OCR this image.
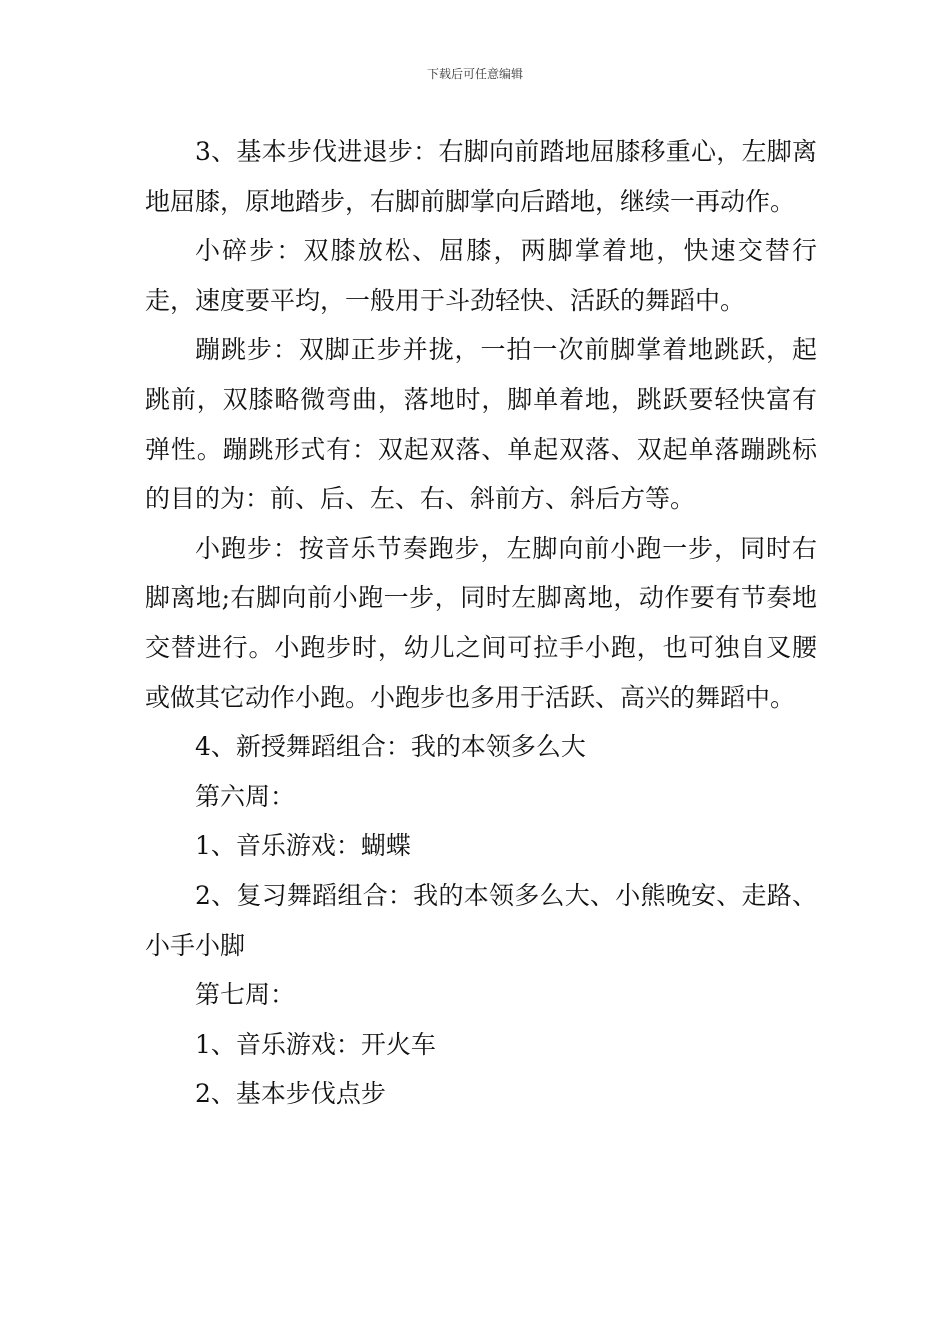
下载后可任意编辑

3、基本步伐进退步：右脚向前踏地屈膝移重心，左脚离地屈膝，原地踏步，右脚前脚掌向后踏地，继续一再动作。

小碎步：双膝放松、屈膝，两脚掌着地，快速交替行走，速度要平均，一般用于斗劲轻快、活跃的舞蹈中。

蹦跳步：双脚正步并拢，一拍一次前脚掌着地跳跃，起跳前，双膝略微弯曲，落地时，脚单着地，跳跃要轻快富有弹性。蹦跳形式有：双起双落、单起双落、双起单落蹦跳标的目的为：前、后、左、右、斜前方、斜后方等。

小跑步：按音乐节奏跑步，左脚向前小跑一步，同时右脚离地;右脚向前小跑一步，同时左脚离地，动作要有节奏地交替进行。小跑步时，幼儿之间可拉手小跑，也可独自叉腰或做其它动作小跑。小跑步也多用于活跃、高兴的舞蹈中。

4、新授舞蹈组合：我的本领多么大

第六周：

1、音乐游戏：蝴蝶

2、复习舞蹈组合：我的本领多么大、小熊晚安、走路、小手小脚

第七周：

1、音乐游戏：开火车

2、基本步伐点步
